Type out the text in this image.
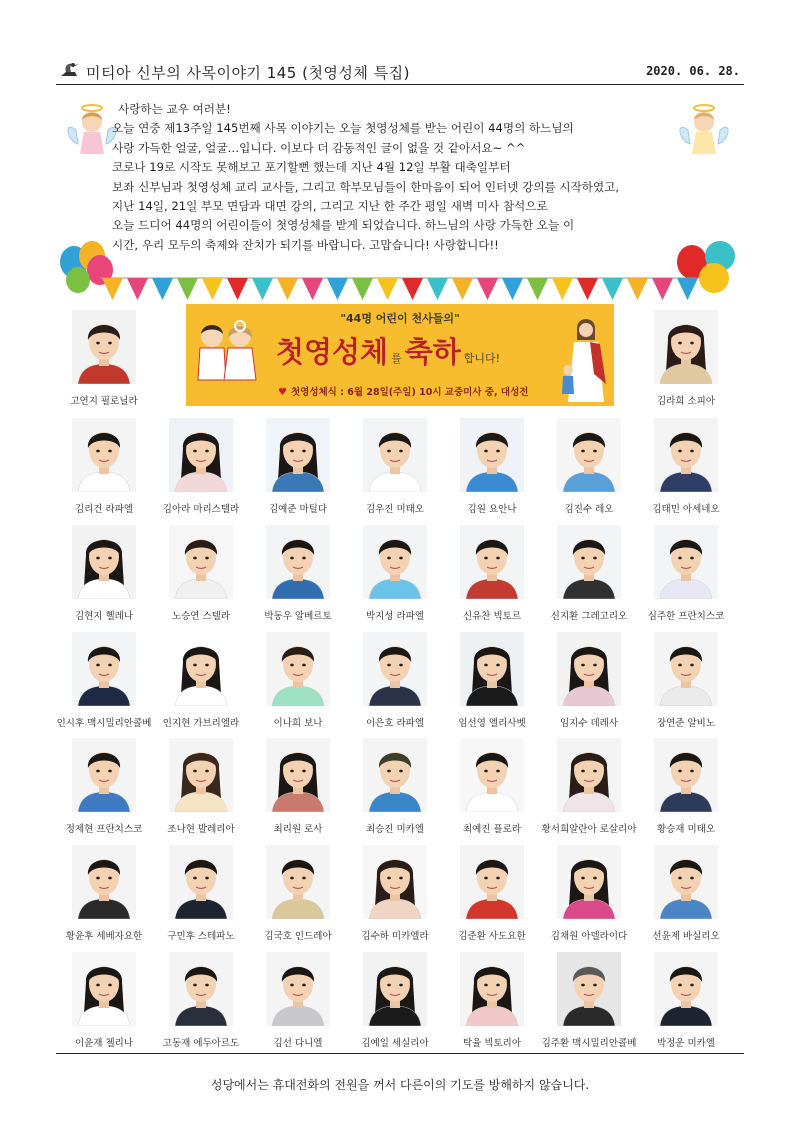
미티아 신부의 사목이야기 145 (첫영성체 특집)	2020. 06. 28.
사랑하는 교우 여러분!
오늘 연중 제13주일 145번째 사목 이야기는 오늘 첫영성체를 받는 어린이 44명의 하느님의
사랑 가득한 얼굴, 얼굴…입니다. 이보다 더 감동적인 글이 없을 것 같아서요~ ^^
코로나 19로 시작도 못해보고 포기할뻔 했는데 지난 4월 12일 부활 대축일부터
보좌 신부님과 첫영성체 교리 교사들, 그리고 학부모님들이 한마음이 되어 인터넷 강의를 시작하였고,
지난 14일, 21일 부모 면담과 대면 강의, 그리고 지난 한 주간 평일 새벽 미사 참석으로
오늘 드디어 44명의 어린이들이 첫영성체를 받게 되었습니다. 하느님의 사랑 가득한 오늘 이
시간, 우리 모두의 축제와 잔치가 되기를 바랍니다. 고맙습니다! 사랑합니다!!
"44명 어린이 천사들의"
첫영성체 를 축하 합니다!
♥ 첫영성체식 : 6월 28일(주일) 10시 교중미사 중, 대성전
고연지 필로닐라	김라희 소피아
김리건 라파엘	김아라 마리스텔라	김예준 마틸다	김우진 미태오	김원 요안나	김진수 레오	김태민 아세네오
김현지 헬레나	노승연 스텔라	박동우 알베르토	박지성 라파엘	신유찬 빅토르	신지환 그레고리오	심주한 프란치스코
인시후 맥시밀리안콜베	인지현 가브리엘라	이나희 보나	이은호 라파엘	임선영 엘리사벳	임지수 데레사	장연준 알비노
정제현 프란치스코	조나현 발레리아	최리원 로사	최승진 미카엘	최예진 플로라	황서희알란아 로살리아	황승재 미태오
황윤후 세베자요한	구민후 스테파노	김국호 인드레아	김수하 미카엘라	김준환 사도요한	김채원 아델라이다	선윤제 바실리오
이윤재 첼리나	고동재 에두아르도	김선 다니엘	김예일 세실리아	탁율 빅토리아	김주환 맥시밀리안콜베	박정운 미카엘
성당에서는 휴대전화의 전원을 꺼서 다른이의 기도를 방해하지 않습니다.
